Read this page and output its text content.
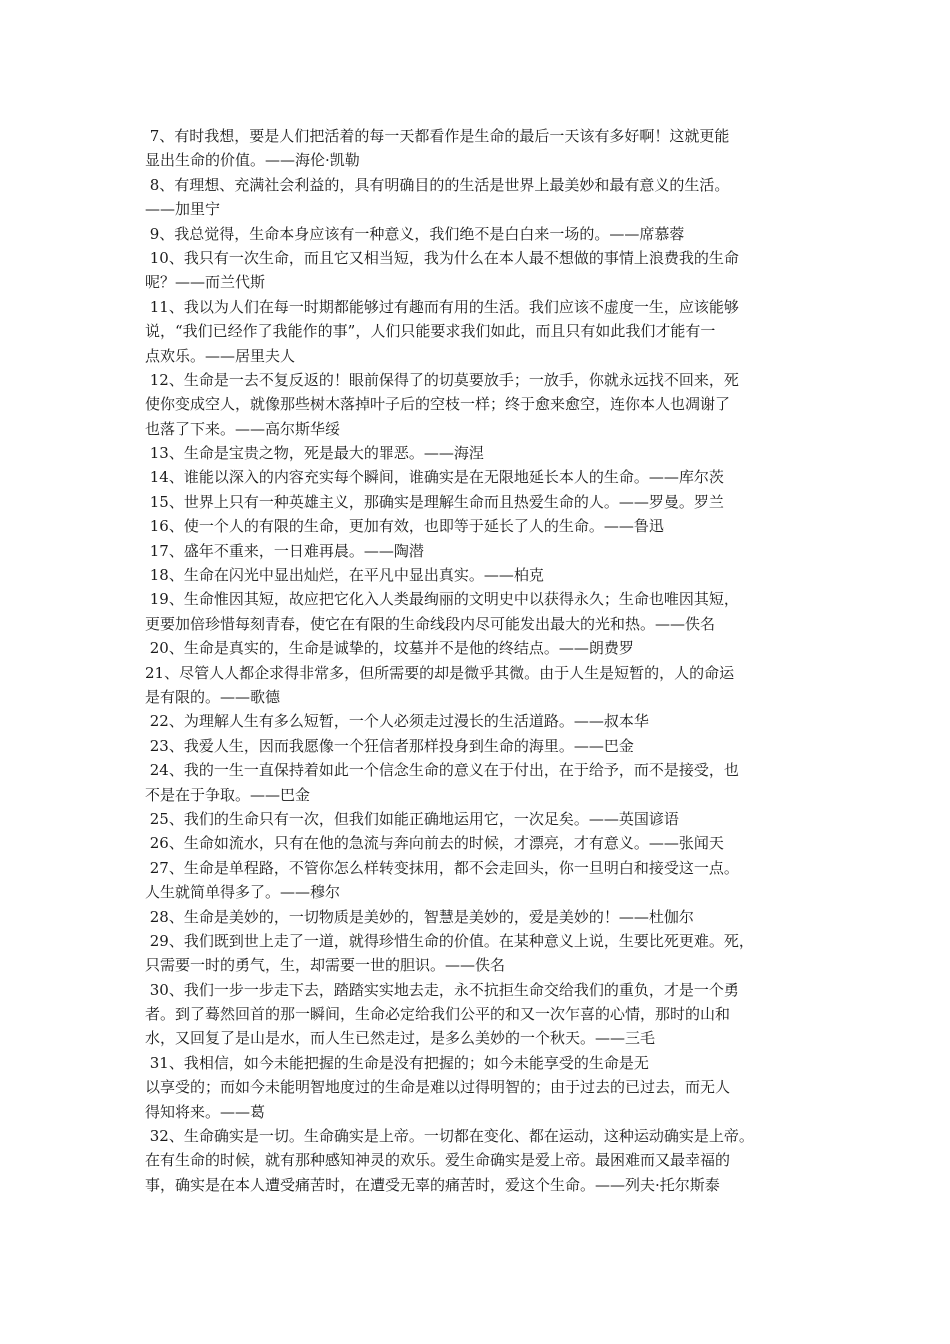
7、有时我想，要是人们把活着的每一天都看作是生命的最后一天该有多好啊！这就更能
显出生命的价值。——海伦·凯勒
8、有理想、充满社会利益的，具有明确目的的生活是世界上最美妙和最有意义的生活。
——加里宁
9、我总觉得，生命本身应该有一种意义，我们绝不是白白来一场的。——席慕蓉
10、我只有一次生命，而且它又相当短，我为什么在本人最不想做的事情上浪费我的生命
呢？——而兰代斯
11、我以为人们在每一时期都能够过有趣而有用的生活。我们应该不虚度一生，应该能够
说，“我们已经作了我能作的事”，人们只能要求我们如此，而且只有如此我们才能有一
点欢乐。——居里夫人
12、生命是一去不复反返的！眼前保得了的切莫要放手；一放手，你就永远找不回来，死
使你变成空人，就像那些树木落掉叶子后的空枝一样；终于愈来愈空，连你本人也凋谢了
也落了下来。——高尔斯华绥
13、生命是宝贵之物，死是最大的罪恶。——海涅
14、谁能以深入的内容充实每个瞬间，谁确实是在无限地延长本人的生命。——库尔茨
15、世界上只有一种英雄主义，那确实是理解生命而且热爱生命的人。——罗曼。罗兰
16、使一个人的有限的生命，更加有效，也即等于延长了人的生命。——鲁迅
17、盛年不重来，一日难再晨。——陶潜
18、生命在闪光中显出灿烂，在平凡中显出真实。——柏克
19、生命惟因其短，故应把它化入人类最绚丽的文明史中以获得永久；生命也唯因其短，
更要加倍珍惜每刻青春，使它在有限的生命线段内尽可能发出最大的光和热。——佚名
20、生命是真实的，生命是诚挚的，坟墓并不是他的终结点。——朗费罗
21、尽管人人都企求得非常多，但所需要的却是微乎其微。由于人生是短暂的，人的命运
是有限的。——歌德
22、为理解人生有多么短暂，一个人必须走过漫长的生活道路。——叔本华
23、我爱人生，因而我愿像一个狂信者那样投身到生命的海里。——巴金
24、我的一生一直保持着如此一个信念生命的意义在于付出，在于给予，而不是接受，也
不是在于争取。——巴金
25、我们的生命只有一次，但我们如能正确地运用它，一次足矣。——英国谚语
26、生命如流水，只有在他的急流与奔向前去的时候，才漂亮，才有意义。——张闻天
27、生命是单程路，不管你怎么样转变抹用，都不会走回头，你一旦明白和接受这一点。
人生就简单得多了。——穆尔
28、生命是美妙的，一切物质是美妙的，智慧是美妙的，爱是美妙的！——杜伽尔
29、我们既到世上走了一道，就得珍惜生命的价值。在某种意义上说，生要比死更难。死，
只需要一时的勇气，生，却需要一世的胆识。——佚名
30、我们一步一步走下去，踏踏实实地去走，永不抗拒生命交给我们的重负，才是一个勇
者。到了蓦然回首的那一瞬间，生命必定给我们公平的和又一次乍喜的心情，那时的山和
水，又回复了是山是水，而人生已然走过，是多么美妙的一个秋天。——三毛
31、我相信，如今未能把握的生命是没有把握的；如今未能享受的生命是无
以享受的；而如今未能明智地度过的生命是难以过得明智的；由于过去的已过去，而无人
得知将来。——葛
32、生命确实是一切。生命确实是上帝。一切都在变化、都在运动，这种运动确实是上帝。
在有生命的时候，就有那种感知神灵的欢乐。爱生命确实是爱上帝。最困难而又最幸福的
事，确实是在本人遭受痛苦时，在遭受无辜的痛苦时，爱这个生命。——列夫·托尔斯泰
